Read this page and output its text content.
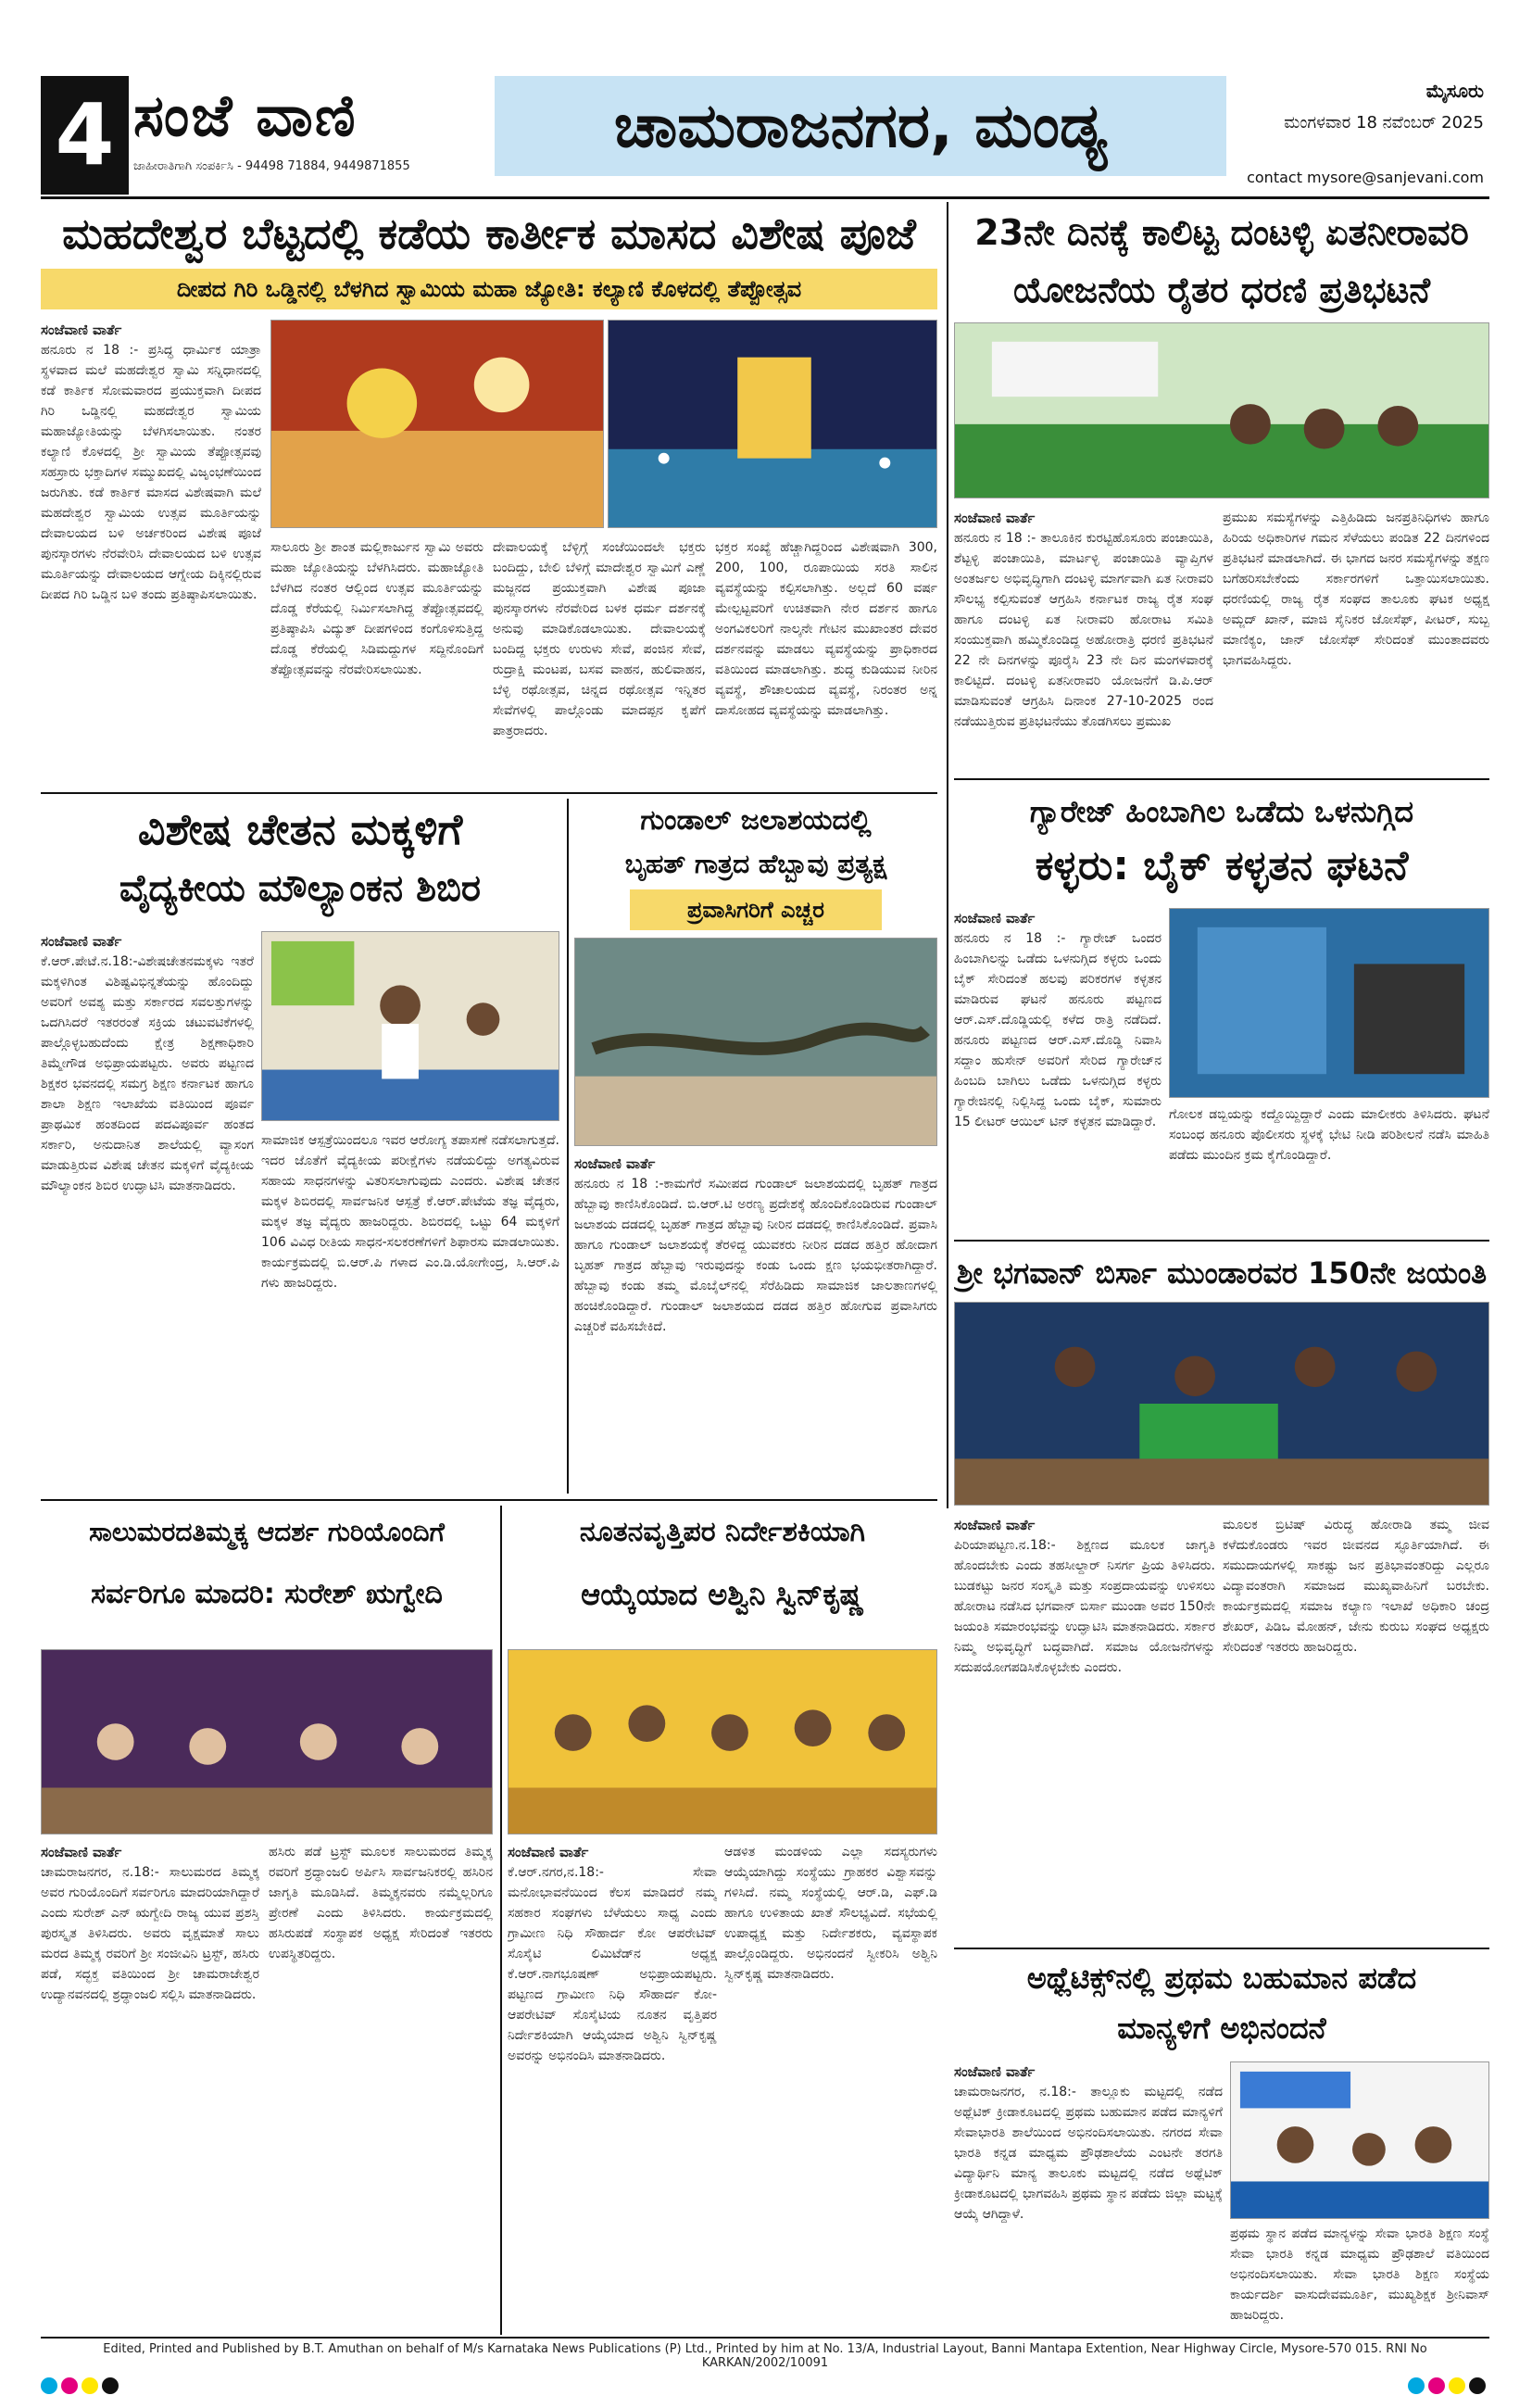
4 ಸಂಜೆ ವಾಣಿ
ಜಾಹೀರಾತಿಗಾಗಿ ಸಂಪರ್ಕಿಸಿ - 94498 71884, 9449871855
ಚಾಮರಾಜನಗರ, ಮಂಡ್ಯ	ಮೈಸೂರು
ಮಂಗಳವಾರ 18 ನವೆಂಬರ್ 2025
contact mysore@sanjevani.com
ಮಹದೇಶ್ವರ ಬೆಟ್ಟದಲ್ಲಿ ಕಡೆಯ ಕಾರ್ತೀಕ ಮಾಸದ ವಿಶೇಷ ಪೂಜೆ
ದೀಪದ ಗಿರಿ ಒಡ್ಡಿನಲ್ಲಿ ಬೆಳಗಿದ ಸ್ವಾಮಿಯ ಮಹಾ ಜ್ಯೋತಿ: ಕಲ್ಯಾಣಿ ಕೊಳದಲ್ಲಿ ತೆಪ್ಪೋತ್ಸವ
ಸಂಜೆವಾಣಿ ವಾರ್ತೆ
ಹನೂರು ನ 18 :- ಪ್ರಸಿದ್ಧ ಧಾರ್ಮಿಕ ಯಾತ್ರಾ ಸ್ಥಳವಾದ ಮಲೆ ಮಹದೇಶ್ವರ ಸ್ವಾಮಿ ಸನ್ನಿಧಾನದಲ್ಲಿ ಕಡೆ ಕಾರ್ತಿಕ ಸೋಮವಾರದ ಪ್ರಯುಕ್ತವಾಗಿ ದೀಪದ ಗಿರಿ ಒಡ್ಡಿನಲ್ಲಿ ಮಹದೇಶ್ವರ ಸ್ವಾಮಿಯ ಮಹಾಜ್ಯೋತಿಯನ್ನು ಬೆಳಗಿಸಲಾಯಿತು. ನಂತರ ಕಲ್ಯಾಣಿ ಕೊಳದಲ್ಲಿ ಶ್ರೀ ಸ್ವಾಮಿಯ ತೆಪ್ಪೋತ್ಸವವು ಸಹಸ್ರಾರು ಭಕ್ತಾದಿಗಳ ಸಮ್ಮುಖದಲ್ಲಿ ವಿಜೃಂಭಣೆಯಿಂದ ಜರುಗಿತು. ಕಡೆ ಕಾರ್ತಿಕ ಮಾಸದ ವಿಶೇಷವಾಗಿ ಮಲೆ ಮಹದೇಶ್ವರ ಸ್ವಾಮಿಯ ಉತ್ಸವ ಮೂರ್ತಿಯನ್ನು ದೇವಾಲಯದ ಬಳಿ ಅರ್ಚಕರಿಂದ ವಿಶೇಷ ಪೂಜೆ ಪುನಸ್ಕಾರಗಳು ನೆರವೇರಿಸಿ ದೇವಾಲಯದ ಬಳಿ ಉತ್ಸವ ಮೂರ್ತಿಯನ್ನು ದೇವಾಲಯದ ಆಗ್ನೇಯ ದಿಕ್ಕಿನಲ್ಲಿರುವ ದೀಪದ ಗಿರಿ ಒಡ್ಡಿನ ಬಳಿ ತಂದು ಪ್ರತಿಷ್ಠಾಪಿಸಲಾಯಿತು.
ಸಾಲೂರು ಶ್ರೀ ಶಾಂತ ಮಲ್ಲಿಕಾರ್ಜುನ ಸ್ವಾಮಿ ಅವರು ಮಹಾ ಜ್ಯೋತಿಯನ್ನು ಬೆಳಗಿಸಿದರು. ಮಹಾಜ್ಯೋತಿ ಬೆಳಗಿದ ನಂತರ ಆಲ್ಲಿಂದ ಉತ್ಸವ ಮೂರ್ತಿಯನ್ನು ದೊಡ್ಡ ಕೆರೆಯಲ್ಲಿ ನಿರ್ಮಿಸಲಾಗಿದ್ದ ತೆಪ್ಪೋತ್ಸವದಲ್ಲಿ ಪ್ರತಿಷ್ಠಾಪಿಸಿ ವಿದ್ಯುತ್ ದೀಪಗಳಿಂದ ಕಂಗೊಳಿಸುತ್ತಿದ್ದ ದೊಡ್ಡ ಕೆರೆಯಲ್ಲಿ ಸಿಡಿಮದ್ದುಗಳ ಸದ್ದಿನೊಂದಿಗೆ ತೆಪ್ಪೋತ್ಸವವನ್ನು ನೆರವೇರಿಸಲಾಯಿತು.
ದೇವಾಲಯಕ್ಕೆ ಬೆಳ್ಳಿಗ್ಗೆ ಸಂಜೆಯಿಂದಲೇ ಭಕ್ತರು ಬಂದಿದ್ದು, ಬೇಲಿ ಬೆಳಿಗ್ಗೆ ಮಾದೇಶ್ವರ ಸ್ವಾಮಿಗೆ ಎಣ್ಣೆ ಮಜ್ಜನದ ಪ್ರಯುಕ್ತವಾಗಿ ವಿಶೇಷ ಪೂಜಾ ಪುನಸ್ಕಾರಗಳು ನೆರವೇರಿದ ಬಳಕ ಧರ್ಮ ದರ್ಶನಕ್ಕೆ ಅನುವು ಮಾಡಿಕೊಡಲಾಯಿತು. ದೇವಾಲಯಕ್ಕೆ ಬಂದಿದ್ದ ಭಕ್ತರು ಉರುಳು ಸೇವೆ, ಪಂಜಿನ ಸೇವೆ, ರುದ್ರಾಕ್ಷಿ ಮಂಟಪ, ಬಸವ ವಾಹನ, ಹುಲಿವಾಹನ, ಬೆಳ್ಳಿ ರಥೋತ್ಸವ, ಚಿನ್ನದ ರಥೋತ್ಸವ ಇನ್ನಿತರ ಸೇವೆಗಳಲ್ಲಿ ಪಾಲ್ಗೊಂಡು ಮಾದಪ್ಪನ ಕೃಪೆಗೆ ಪಾತ್ರರಾದರು.
ಭಕ್ತರ ಸಂಖ್ಯೆ ಹೆಚ್ಚಾಗಿದ್ದರಿಂದ ವಿಶೇಷವಾಗಿ 300, 200, 100, ರೂಪಾಯಿಯ ಸರತಿ ಸಾಲಿನ ವ್ಯವಸ್ಥೆಯನ್ನು ಕಲ್ಪಿಸಲಾಗಿತ್ತು. ಅಲ್ಲದೆ 60 ವರ್ಷ ಮೇಲ್ಪಟ್ಟವರಿಗೆ ಉಚಿತವಾಗಿ ನೇರ ದರ್ಶನ ಹಾಗೂ ಅಂಗವಿಕಲರಿಗೆ ನಾಲ್ಕನೇ ಗೇಟಿನ ಮುಖಾಂತರ ದೇವರ ದರ್ಶನವನ್ನು ಮಾಡಲು ವ್ಯವಸ್ಥೆಯನ್ನು ಪ್ರಾಧಿಕಾರದ ವತಿಯಿಂದ ಮಾಡಲಾಗಿತ್ತು. ಶುದ್ಧ ಕುಡಿಯುವ ನೀರಿನ ವ್ಯವಸ್ಥೆ, ಶೌಚಾಲಯದ ವ್ಯವಸ್ಥೆ, ನಿರಂತರ ಅನ್ನ ದಾಸೋಹದ ವ್ಯವಸ್ಥೆಯನ್ನು ಮಾಡಲಾಗಿತ್ತು.
23ನೇ ದಿನಕ್ಕೆ ಕಾಲಿಟ್ಟ ದಂಟಳ್ಳಿ ಏತನೀರಾವರಿ
ಯೋಜನೆಯ ರೈತರ ಧರಣಿ ಪ್ರತಿಭಟನೆ
ಸಂಜೆವಾಣಿ ವಾರ್ತೆ
ಹನೂರು ನ 18 :- ತಾಲೂಕಿನ ಕುರಟ್ಟಿಹೊಸೂರು ಪಂಚಾಯಿತಿ, ಶೆಟ್ಟಳ್ಳಿ ಪಂಚಾಯಿತಿ, ಮಾರ್ಟಳ್ಳಿ ಪಂಚಾಯಿತಿ ವ್ಯಾಪ್ತಿಗಳ ಅಂತರ್ಜಲ ಅಭಿವೃದ್ಧಿಗಾಗಿ ದಂಟಳ್ಳಿ ಮಾರ್ಗವಾಗಿ ಏತ ನೀರಾವರಿ ಸೌಲಭ್ಯ ಕಲ್ಪಿಸುವಂತೆ ಆಗ್ರಹಿಸಿ ಕರ್ನಾಟಕ ರಾಜ್ಯ ರೈತ ಸಂಘ ಹಾಗೂ ದಂಟಳ್ಳಿ ಏತ ನೀರಾವರಿ ಹೋರಾಟ ಸಮಿತಿ ಸಂಯುಕ್ತವಾಗಿ ಹಮ್ಮಿಕೊಂಡಿದ್ದ ಅಹೋರಾತ್ರಿ ಧರಣಿ ಪ್ರತಿಭಟನೆ 22 ನೇ ದಿನಗಳನ್ನು ಪೂರೈಸಿ 23 ನೇ ದಿನ ಮಂಗಳವಾರಕ್ಕೆ ಕಾಲಿಟ್ಟಿದೆ. ದಂಟಳ್ಳಿ ಏತನೀರಾವರಿ ಯೋಜನೆಗೆ ಡಿ.ಪಿ.ಆರ್ ಮಾಡಿಸುವಂತೆ ಆಗ್ರಹಿಸಿ ದಿನಾಂಕ 27-10-2025 ರಂದ ನಡೆಯುತ್ತಿರುವ ಪ್ರತಿಭಟನೆಯು ತೊಡಗಿಸಲು ಪ್ರಮುಖ
ಪ್ರಮುಖ ಸಮಸ್ಯೆಗಳನ್ನು ಎತ್ತಿಹಿಡಿದು ಜನಪ್ರತಿನಿಧಿಗಳು ಹಾಗೂ ಹಿರಿಯ ಅಧಿಕಾರಿಗಳ ಗಮನ ಸೆಳೆಯಲು ಪಂಡಿತ 22 ದಿನಗಳಿಂದ ಪ್ರತಿಭಟನೆ ಮಾಡಲಾಗಿದೆ. ಈ ಭಾಗದ ಜನರ ಸಮಸ್ಯೆಗಳನ್ನು ತಕ್ಷಣ ಬಗೆಹರಿಸಬೇಕೆಂದು ಸರ್ಕಾರಗಳಿಗೆ ಒತ್ತಾಯಿಸಲಾಯಿತು. ಧರಣಿಯಲ್ಲಿ ರಾಜ್ಯ ರೈತ ಸಂಘದ ತಾಲೂಕು ಘಟಕ ಅಧ್ಯಕ್ಷ ಅಮ್ಜದ್ ಖಾನ್, ಮಾಜಿ ಸೈನಿಕರ ಜೋಸೆಫ್, ಪೀಟರ್, ಸುಬ್ಬ ಮಾಣಿಕ್ಯಂ, ಜಾನ್ ಜೋಸೆಫ್ ಸೇರಿದಂತೆ ಮುಂತಾದವರು ಭಾಗವಹಿಸಿದ್ದರು.
ವಿಶೇಷ ಚೇತನ ಮಕ್ಕಳಿಗೆ
ವೈದ್ಯಕೀಯ ಮೌಲ್ಯಾಂಕನ ಶಿಬಿರ
ಸಂಜೆವಾಣಿ ವಾರ್ತೆ
ಕೆ.ಆರ್.ಪೇಟೆ.ನ.18:-ವಿಶೇಷಚೇತನಮಕ್ಕಳು ಇತರೆ ಮಕ್ಕಳಿಗಿಂತ ವಿಶಿಷ್ಟವಿಭಿನ್ನತೆಯನ್ನು ಹೊಂದಿದ್ದು ಅವರಿಗೆ ಅವಶ್ಯ ಮತ್ತು ಸರ್ಕಾರದ ಸವಲತ್ತುಗಳನ್ನು ಒದಗಿಸಿದರೆ ಇತರರಂತೆ ಸಕ್ರಿಯ ಚಟುವಟಿಕೆಗಳಲ್ಲಿ ಪಾಲ್ಗೊಳ್ಳಬಹುದೆಂದು ಕ್ಷೇತ್ರ ಶಿಕ್ಷಣಾಧಿಕಾರಿ ತಿಮ್ಮೇಗೌಡ ಅಭಿಪ್ರಾಯಪಟ್ಟರು. ಅವರು ಪಟ್ಟಣದ ಶಿಕ್ಷಕರ ಭವನದಲ್ಲಿ ಸಮಗ್ರ ಶಿಕ್ಷಣ ಕರ್ನಾಟಕ ಹಾಗೂ ಶಾಲಾ ಶಿಕ್ಷಣ ಇಲಾಖೆಯ ವತಿಯಿಂದ ಪೂರ್ವ ಪ್ರಾಥಮಿಕ ಹಂತದಿಂದ ಪದವಿಪೂರ್ವ ಹಂತದ ಸರ್ಕಾರಿ, ಅನುದಾನಿತ ಶಾಲೆಯಲ್ಲಿ ವ್ಯಾಸಂಗ ಮಾಡುತ್ತಿರುವ ವಿಶೇಷ ಚೇತನ ಮಕ್ಕಳಿಗೆ ವೈದ್ಯಕೀಯ ಮೌಲ್ಯಾಂಕನ ಶಿಬಿರ ಉದ್ಘಾಟಿಸಿ ಮಾತನಾಡಿದರು.
ಸಾಮಾಜಿಕ ಆಸ್ಪತ್ರೆಯಿಂದಲೂ ಇವರ ಆರೋಗ್ಯ ತಪಾಸಣೆ ನಡೆಸಲಾಗುತ್ತದೆ. ಇದರ ಜೊತೆಗೆ ವೈದ್ಯಕೀಯ ಪರೀಕ್ಷೆಗಳು ನಡೆಯಲಿದ್ದು ಅಗತ್ಯವಿರುವ ಸಹಾಯ ಸಾಧನಗಳನ್ನು ವಿತರಿಸಲಾಗುವುದು ಎಂದರು. ವಿಶೇಷ ಚೇತನ ಮಕ್ಕಳ ಶಿಬಿರದಲ್ಲಿ ಸಾರ್ವಜನಿಕ ಆಸ್ಪತ್ರೆ ಕೆ.ಆರ್.ಪೇಟೆಯ ತಜ್ಞ ವೈದ್ಯರು, ಮಕ್ಕಳ ತಜ್ಞ ವೈದ್ಯರು ಹಾಜರಿದ್ದರು. ಶಿಬಿರದಲ್ಲಿ ಒಟ್ಟು 64 ಮಕ್ಕಳಿಗೆ 106 ವಿವಿಧ ರೀತಿಯ ಸಾಧನ-ಸಲಕರಣೆಗಳಿಗೆ ಶಿಫಾರಸು ಮಾಡಲಾಯಿತು. ಕಾರ್ಯಕ್ರಮದಲ್ಲಿ ಬಿ.ಆರ್.ಪಿ ಗಳಾದ ಎಂ.ಡಿ.ಯೋಗೇಂದ್ರ, ಸಿ.ಆರ್.ಪಿ ಗಳು ಹಾಜರಿದ್ದರು.
ಗುಂಡಾಲ್ ಜಲಾಶಯದಲ್ಲಿ
ಬೃಹತ್ ಗಾತ್ರದ ಹೆಬ್ಬಾವು ಪ್ರತ್ಯಕ್ಷ
ಪ್ರವಾಸಿಗರಿಗೆ ಎಚ್ಚರ
ಸಂಜೆವಾಣಿ ವಾರ್ತೆ
ಹನೂರು ನ 18 :-ಕಾಮಗೆರೆ ಸಮೀಪದ ಗುಂಡಾಲ್ ಜಲಾಶಯದಲ್ಲಿ ಬೃಹತ್ ಗಾತ್ರದ ಹೆಬ್ಬಾವು ಕಾಣಿಸಿಕೊಂಡಿದೆ. ಬಿ.ಆರ್.ಟಿ ಅರಣ್ಯ ಪ್ರದೇಶಕ್ಕೆ ಹೊಂದಿಕೊಂಡಿರುವ ಗುಂಡಾಲ್ ಜಲಾಶಯ ದಡದಲ್ಲಿ ಬೃಹತ್ ಗಾತ್ರದ ಹೆಬ್ಬಾವು ನೀರಿನ ದಡದಲ್ಲಿ ಕಾಣಿಸಿಕೊಂಡಿದೆ. ಪ್ರವಾಸಿ ಹಾಗೂ ಗುಂಡಾಲ್ ಜಲಾಶಯಕ್ಕೆ ತೆರಳಿದ್ದ ಯುವಕರು ನೀರಿನ ದಡದ ಹತ್ತಿರ ಹೋದಾಗ ಬೃಹತ್ ಗಾತ್ರದ ಹೆಬ್ಬಾವು ಇರುವುದನ್ನು ಕಂಡು ಒಂದು ಕ್ಷಣ ಭಯಭೀತರಾಗಿದ್ದಾರೆ. ಹೆಬ್ಬಾವು ಕಂಡು ತಮ್ಮ ಮೊಬೈಲ್‌ನಲ್ಲಿ ಸೆರೆಹಿಡಿದು ಸಾಮಾಜಿಕ ಜಾಲತಾಣಗಳಲ್ಲಿ ಹಂಚಿಕೊಂಡಿದ್ದಾರೆ. ಗುಂಡಾಲ್ ಜಲಾಶಯದ ದಡದ ಹತ್ತಿರ ಹೋಗುವ ಪ್ರವಾಸಿಗರು ಎಚ್ಚರಿಕೆ ವಹಿಸಬೇಕಿದೆ.
ಗ್ಯಾರೇಜ್ ಹಿಂಬಾಗಿಲ ಒಡೆದು ಒಳನುಗ್ಗಿದ
ಕಳ್ಳರು: ಬೈಕ್ ಕಳ್ಳತನ ಘಟನೆ
ಸಂಜೆವಾಣಿ ವಾರ್ತೆ
ಹನೂರು ನ 18 :- ಗ್ಯಾರೇಜ್ ಒಂದರ ಹಿಂಬಾಗಿಲನ್ನು ಒಡೆದು ಒಳನುಗ್ಗಿದ ಕಳ್ಳರು ಒಂದು ಬೈಕ್ ಸೇರಿದಂತೆ ಹಲವು ಪರಿಕರಗಳ ಕಳ್ಳತನ ಮಾಡಿರುವ ಘಟನೆ ಹನೂರು ಪಟ್ಟಣದ ಆರ್.ಎಸ್.ದೊಡ್ಡಿಯಲ್ಲಿ ಕಳೆದ ರಾತ್ರಿ ನಡೆದಿದೆ. ಹನೂರು ಪಟ್ಟಣದ ಆರ್.ಎಸ್.ದೊಡ್ಡಿ ನಿವಾಸಿ ಸದ್ದಾಂ ಹುಸೇನ್ ಅವರಿಗೆ ಸೇರಿದ ಗ್ಯಾರೇಜ್‌ನ ಹಿಂಬದಿ ಬಾಗಿಲು ಒಡೆದು ಒಳನುಗ್ಗಿದ ಕಳ್ಳರು ಗ್ಯಾರೇಜಿನಲ್ಲಿ ನಿಲ್ಲಿಸಿದ್ದ ಒಂದು ಬೈಕ್, ಸುಮಾರು 15 ಲೀಟರ್ ಆಯಿಲ್ ಟಿನ್ ಕಳ್ಳತನ ಮಾಡಿದ್ದಾರೆ. ಗೋಲಕ ಡಬ್ಬಿಯನ್ನು ಕದ್ದೊಯ್ದಿದ್ದಾರೆ ಎಂದು ಮಾಲೀಕರು ತಿಳಿಸಿದರು. ಘಟನೆ ಸಂಬಂಧ ಹನೂರು ಪೊಲೀಸರು ಸ್ಥಳಕ್ಕೆ ಭೇಟಿ ನೀಡಿ ಪರಿಶೀಲನೆ ನಡೆಸಿ ಮಾಹಿತಿ ಪಡೆದು ಮುಂದಿನ ಕ್ರಮ ಕೈಗೊಂಡಿದ್ದಾರೆ.
ಶ್ರೀ ಭಗವಾನ್ ಬಿರ್ಸಾ ಮುಂಡಾರವರ 150ನೇ ಜಯಂತಿ
ಸಂಜೆವಾಣಿ ವಾರ್ತೆ
ಪಿರಿಯಾಪಟ್ಟಣ.ನ.18:- ಶಿಕ್ಷಣದ ಮೂಲಕ ಜಾಗೃತಿ ಹೊಂದಬೇಕು ಎಂದು ತಹಸೀಲ್ದಾರ್ ನಿಸರ್ಗ ಪ್ರಿಯ ತಿಳಿಸಿದರು. ಬುಡಕಟ್ಟು ಜನರ ಸಂಸ್ಕೃತಿ ಮತ್ತು ಸಂಪ್ರದಾಯವನ್ನು ಉಳಿಸಲು ಹೋರಾಟ ನಡೆಸಿದ ಭಗವಾನ್ ಬಿರ್ಸಾ ಮುಂಡಾ ಅವರ 150ನೇ ಜಯಂತಿ ಸಮಾರಂಭವನ್ನು ಉದ್ಘಾಟಿಸಿ ಮಾತನಾಡಿದರು. ಸರ್ಕಾರ ನಿಮ್ಮ ಅಭಿವೃದ್ಧಿಗೆ ಬದ್ಧವಾಗಿದೆ. ಸಮಾಜ ಯೋಜನೆಗಳನ್ನು ಸದುಪಯೋಗಪಡಿಸಿಕೊಳ್ಳಬೇಕು ಎಂದರು.
ಮೂಲಕ ಬ್ರಿಟಿಷ್ ವಿರುದ್ಧ ಹೋರಾಡಿ ತಮ್ಮ ಜೀವ ಕಳೆದುಕೊಂಡರು ಇವರ ಜೀವನದ ಸ್ಫೂರ್ತಿಯಾಗಿದೆ. ಈ ಸಮುದಾಯಗಳಲ್ಲಿ ಸಾಕಷ್ಟು ಜನ ಪ್ರತಿಭಾವಂತರಿದ್ದು ಎಲ್ಲರೂ ವಿದ್ಯಾವಂತರಾಗಿ ಸಮಾಜದ ಮುಖ್ಯವಾಹಿನಿಗೆ ಬರಬೇಕು. ಕಾರ್ಯಕ್ರಮದಲ್ಲಿ ಸಮಾಜ ಕಲ್ಯಾಣ ಇಲಾಖೆ ಅಧಿಕಾರಿ ಚಂದ್ರ ಶೇಖರ್, ಪಿಡಿಒ ಮೋಹನ್, ಜೇನು ಕುರುಬ ಸಂಘದ ಅಧ್ಯಕ್ಷರು ಸೇರಿದಂತೆ ಇತರರು ಹಾಜರಿದ್ದರು.
ಸಾಲುಮರದತಿಮ್ಮಕ್ಕ ಆದರ್ಶ ಗುರಿಯೊಂದಿಗೆ
ಸರ್ವರಿಗೂ ಮಾದರಿ: ಸುರೇಶ್ ಋಗ್ವೇದಿ
ಸಂಜೆವಾಣಿ ವಾರ್ತೆ
ಚಾಮರಾಜನಗರ, ನ.18:- ಸಾಲುಮರದ ತಿಮ್ಮಕ್ಕ ಅವರ ಗುರಿಯೊಂದಿಗೆ ಸರ್ವರಿಗೂ ಮಾದರಿಯಾಗಿದ್ದಾರೆ ಎಂದು ಸುರೇಶ್ ಎನ್ ಋಗ್ವೇದಿ ರಾಜ್ಯ ಯುವ ಪ್ರಶಸ್ತಿ ಪುರಸ್ಕೃತ ತಿಳಿಸಿದರು. ಅವರು ವೃಕ್ಷಮಾತೆ ಸಾಲು ಮರದ ತಿಮ್ಮಕ್ಕ ರವರಿಗೆ ಶ್ರೀ ಸಂಜೀವಿನಿ ಟ್ರಸ್ಟ್, ಹಸಿರು ಪಡೆ, ಸದ್ಭಕ್ತ ವತಿಯಿಂದ ಶ್ರೀ ಚಾಮರಾಜೇಶ್ವರ ಉದ್ಯಾನವನದಲ್ಲಿ ಶ್ರದ್ಧಾಂಜಲಿ ಸಲ್ಲಿಸಿ ಮಾತನಾಡಿದರು.
ಹಸಿರು ಪಡೆ ಟ್ರಸ್ಟ್ ಮೂಲಕ ಸಾಲುಮರದ ತಿಮ್ಮಕ್ಕ ರವರಿಗೆ ಶ್ರದ್ಧಾಂಜಲಿ ಅರ್ಪಿಸಿ ಸಾರ್ವಜನಿಕರಲ್ಲಿ ಹಸಿರಿನ ಜಾಗೃತಿ ಮೂಡಿಸಿದೆ. ತಿಮ್ಮಕ್ಕನವರು ನಮ್ಮೆಲ್ಲರಿಗೂ ಪ್ರೇರಣೆ ಎಂದು ತಿಳಿಸಿದರು. ಕಾರ್ಯಕ್ರಮದಲ್ಲಿ ಹಸಿರುಪಡೆ ಸಂಸ್ಥಾಪಕ ಅಧ್ಯಕ್ಷ ಸೇರಿದಂತೆ ಇತರರು ಉಪಸ್ಥಿತರಿದ್ದರು.
ನೂತನವೃತ್ತಿಪರ ನಿರ್ದೇಶಕಿಯಾಗಿ
ಆಯ್ಕೆಯಾದ ಅಶ್ವಿನಿ ಸ್ವಿನ್‌ಕೃಷ್ಣ
ಸಂಜೆವಾಣಿ ವಾರ್ತೆ
ಕೆ.ಆರ್.ನಗರ,ನ.18:- ಸೇವಾ ಮನೋಭಾವನೆಯಿಂದ ಕೆಲಸ ಮಾಡಿದರೆ ನಮ್ಮ ಸಹಕಾರ ಸಂಘಗಳು ಬೆಳೆಯಲು ಸಾಧ್ಯ ಎಂದು ಗ್ರಾಮೀಣ ನಿಧಿ ಸೌಹಾರ್ದ ಕೋ ಆಪರೇಟಿವ್ ಸೊಸೈಟಿ ಲಿಮಿಟೆಡ್‌ನ ಅಧ್ಯಕ್ಷ ಕೆ.ಆರ್.ನಾಗಭೂಷಣ್ ಅಭಿಪ್ರಾಯಪಟ್ಟರು. ಪಟ್ಟಣದ ಗ್ರಾಮೀಣ ನಿಧಿ ಸೌಹಾರ್ದ ಕೋ-ಆಪರೇಟಿವ್ ಸೊಸೈಟಿಯ ನೂತನ ವೃತ್ತಿಪರ ನಿರ್ದೇಶಕಿಯಾಗಿ ಆಯ್ಕೆಯಾದ ಅಶ್ವಿನಿ ಸ್ವಿನ್‌ಕೃಷ್ಣ ಅವರನ್ನು ಅಭಿನಂದಿಸಿ ಮಾತನಾಡಿದರು.
ಆಡಳಿತ ಮಂಡಳಿಯ ಎಲ್ಲಾ ಸದಸ್ಯರುಗಳು ಆಯ್ಕೆಯಾಗಿದ್ದು ಸಂಸ್ಥೆಯು ಗ್ರಾಹಕರ ವಿಶ್ವಾಸವನ್ನು ಗಳಿಸಿದೆ. ನಮ್ಮ ಸಂಸ್ಥೆಯಲ್ಲಿ ಆರ್.ಡಿ, ಎಫ್.ಡಿ ಹಾಗೂ ಉಳಿತಾಯ ಖಾತೆ ಸೌಲಭ್ಯವಿದೆ. ಸಭೆಯಲ್ಲಿ ಉಪಾಧ್ಯಕ್ಷ ಮತ್ತು ನಿರ್ದೇಶಕರು, ವ್ಯವಸ್ಥಾಪಕ ಪಾಲ್ಗೊಂಡಿದ್ದರು. ಅಭಿನಂದನೆ ಸ್ವೀಕರಿಸಿ ಅಶ್ವಿನಿ ಸ್ವಿನ್‌ಕೃಷ್ಣ ಮಾತನಾಡಿದರು.	ಅಥ್ಲೆಟಿಕ್ಸ್‌ನಲ್ಲಿ ಪ್ರಥಮ ಬಹುಮಾನ ಪಡೆದ
ಮಾನ್ಯಳಿಗೆ ಅಭಿನಂದನೆ
ಸಂಜೆವಾಣಿ ವಾರ್ತೆ
ಚಾಮರಾಜನಗರ, ನ.18:- ತಾಲ್ಲೂಕು ಮಟ್ಟದಲ್ಲಿ ನಡೆದ ಅಥ್ಲೆಟಿಕ್ ಕ್ರೀಡಾಕೂಟದಲ್ಲಿ ಪ್ರಥಮ ಬಹುಮಾನ ಪಡೆದ ಮಾನ್ಯಳಿಗೆ ಸೇವಾಭಾರತಿ ಶಾಲೆಯಿಂದ ಅಭಿನಂದಿಸಲಾಯಿತು. ನಗರದ ಸೇವಾ ಭಾರತಿ ಕನ್ನಡ ಮಾಧ್ಯಮ ಪ್ರೌಢಶಾಲೆಯ ಎಂಟನೇ ತರಗತಿ ವಿದ್ಯಾರ್ಥಿನಿ ಮಾನ್ಯ ತಾಲೂಕು ಮಟ್ಟದಲ್ಲಿ ನಡೆದ ಅಥ್ಲೆಟಿಕ್ ಕ್ರೀಡಾಕೂಟದಲ್ಲಿ ಭಾಗವಹಿಸಿ ಪ್ರಥಮ ಸ್ಥಾನ ಪಡೆದು ಜಿಲ್ಲಾ ಮಟ್ಟಕ್ಕೆ ಆಯ್ಕೆ ಆಗಿದ್ದಾಳೆ.
ಪ್ರಥಮ ಸ್ಥಾನ ಪಡೆದ ಮಾನ್ಯಳನ್ನು ಸೇವಾ ಭಾರತಿ ಶಿಕ್ಷಣ ಸಂಸ್ಥೆ ಸೇವಾ ಭಾರತಿ ಕನ್ನಡ ಮಾಧ್ಯಮ ಪ್ರೌಢಶಾಲೆ ವತಿಯಿಂದ ಅಭಿನಂದಿಸಲಾಯಿತು. ಸೇವಾ ಭಾರತಿ ಶಿಕ್ಷಣ ಸಂಸ್ಥೆಯ ಕಾರ್ಯದರ್ಶಿ ವಾಸುದೇವಮೂರ್ತಿ, ಮುಖ್ಯಶಿಕ್ಷಕ ಶ್ರೀನಿವಾಸ್ ಹಾಜರಿದ್ದರು.
Edited, Printed and Published by B.T. Amuthan on behalf of M/s Karnataka News Publications (P) Ltd., Printed by him at No. 13/A, Industrial Layout, Banni Mantapa Extention, Near Highway Circle, Mysore-570 015. RNI No KARKAN/2002/10091
